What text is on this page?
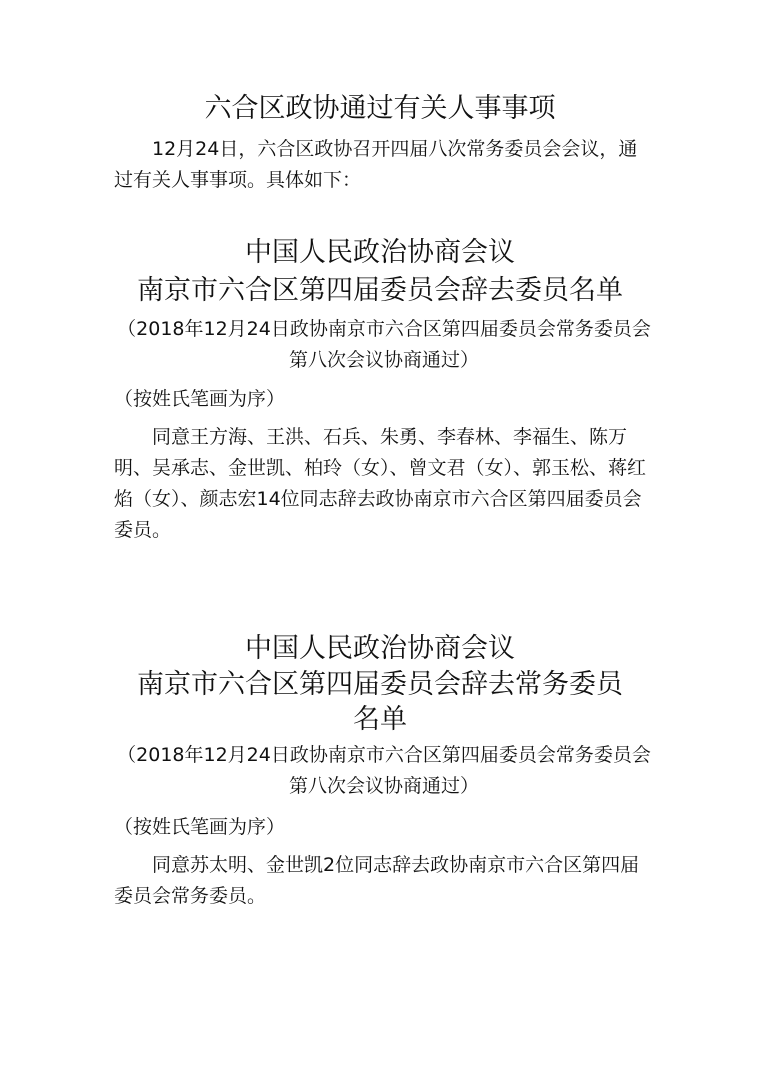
六合区政协通过有关人事事项

12月24日，六合区政协召开四届八次常务委员会会议，通过有关人事事项。具体如下：

中国人民政治协商会议
南京市六合区第四届委员会辞去委员名单

（2018年12月24日政协南京市六合区第四届委员会常务委员会第八次会议协商通过）

（按姓氏笔画为序）

同意王方海、王洪、石兵、朱勇、李春林、李福生、陈万明、吴承志、金世凯、柏玲（女）、曾文君（女）、郭玉松、蒋红焰（女）、颜志宏14位同志辞去政协南京市六合区第四届委员会委员。

中国人民政治协商会议
南京市六合区第四届委员会辞去常务委员
名单

（2018年12月24日政协南京市六合区第四届委员会常务委员会第八次会议协商通过）

（按姓氏笔画为序）

同意苏太明、金世凯2位同志辞去政协南京市六合区第四届委员会常务委员。
